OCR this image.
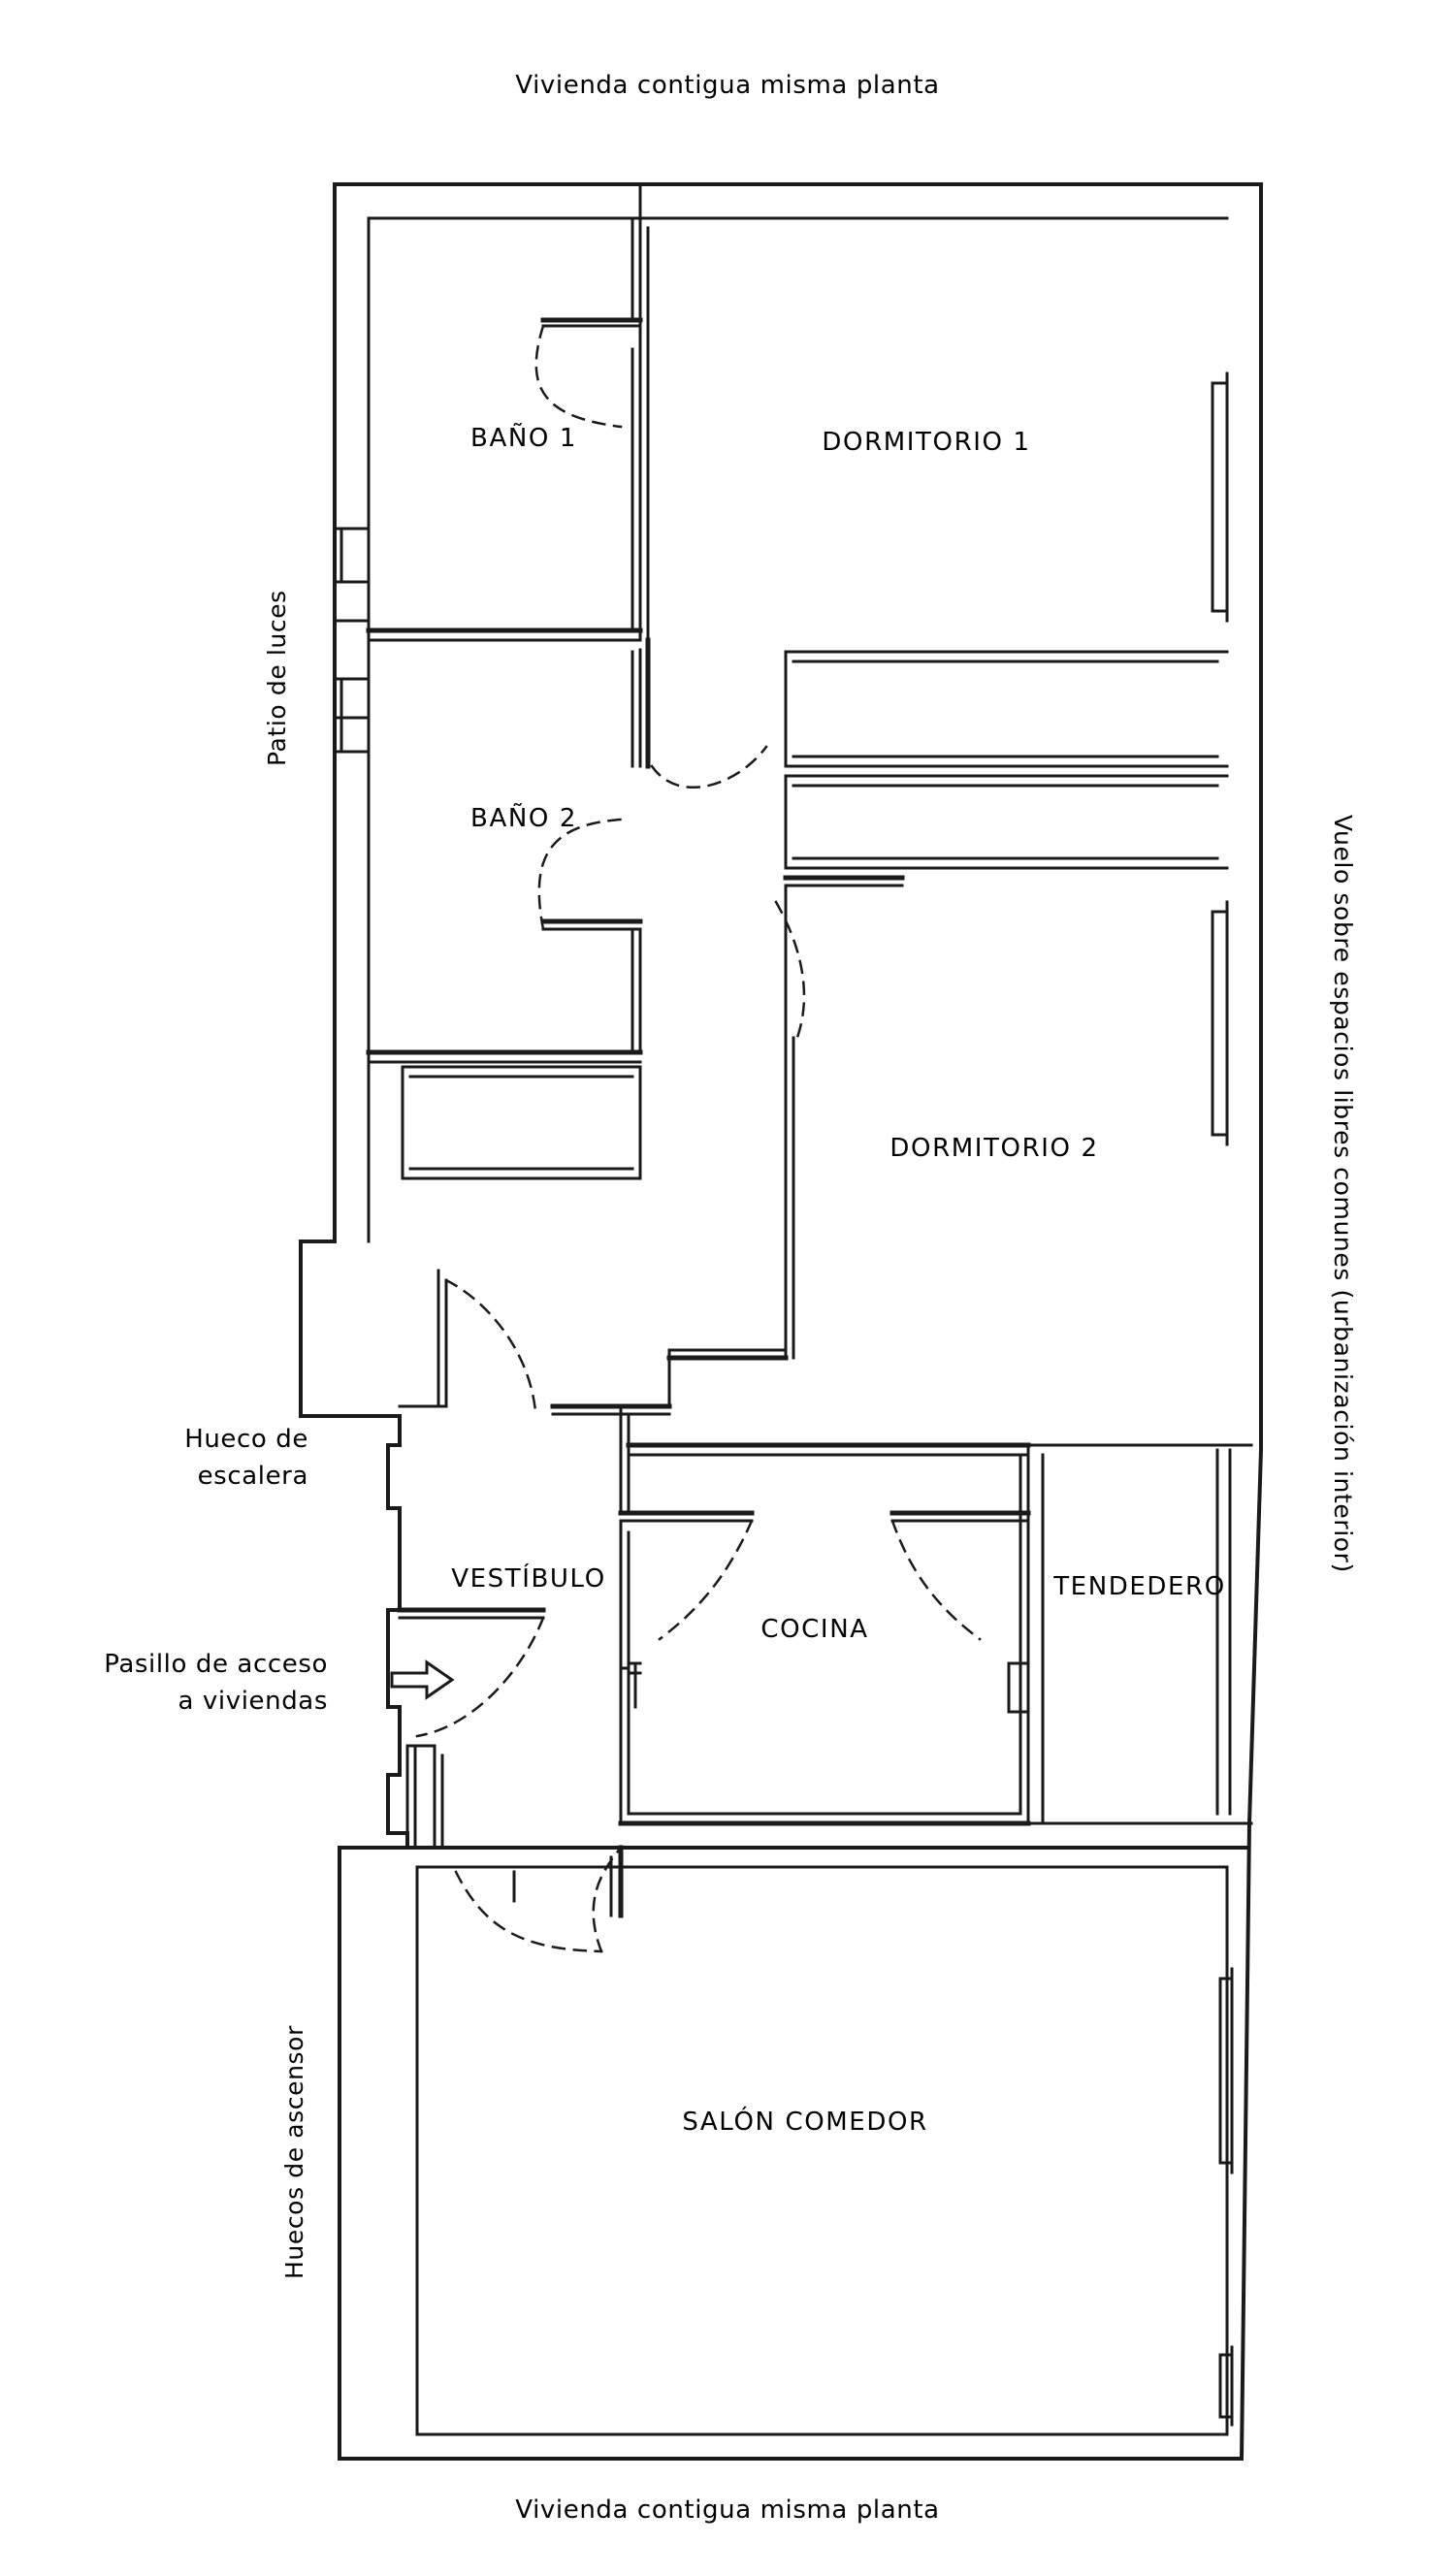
Vivienda contigua misma planta
Vivienda contigua misma planta
Patio de luces
Hueco de
escalera
Pasillo de acceso
a viviendas
Huecos de ascensor
Vuelo sobre espacios libres comunes (urbanización interior)
BAÑO 1
BAÑO 2
DORMITORIO 1
DORMITORIO 2
VESTÍBULO
COCINA
TENDEDERO
SALÓN COMEDOR
